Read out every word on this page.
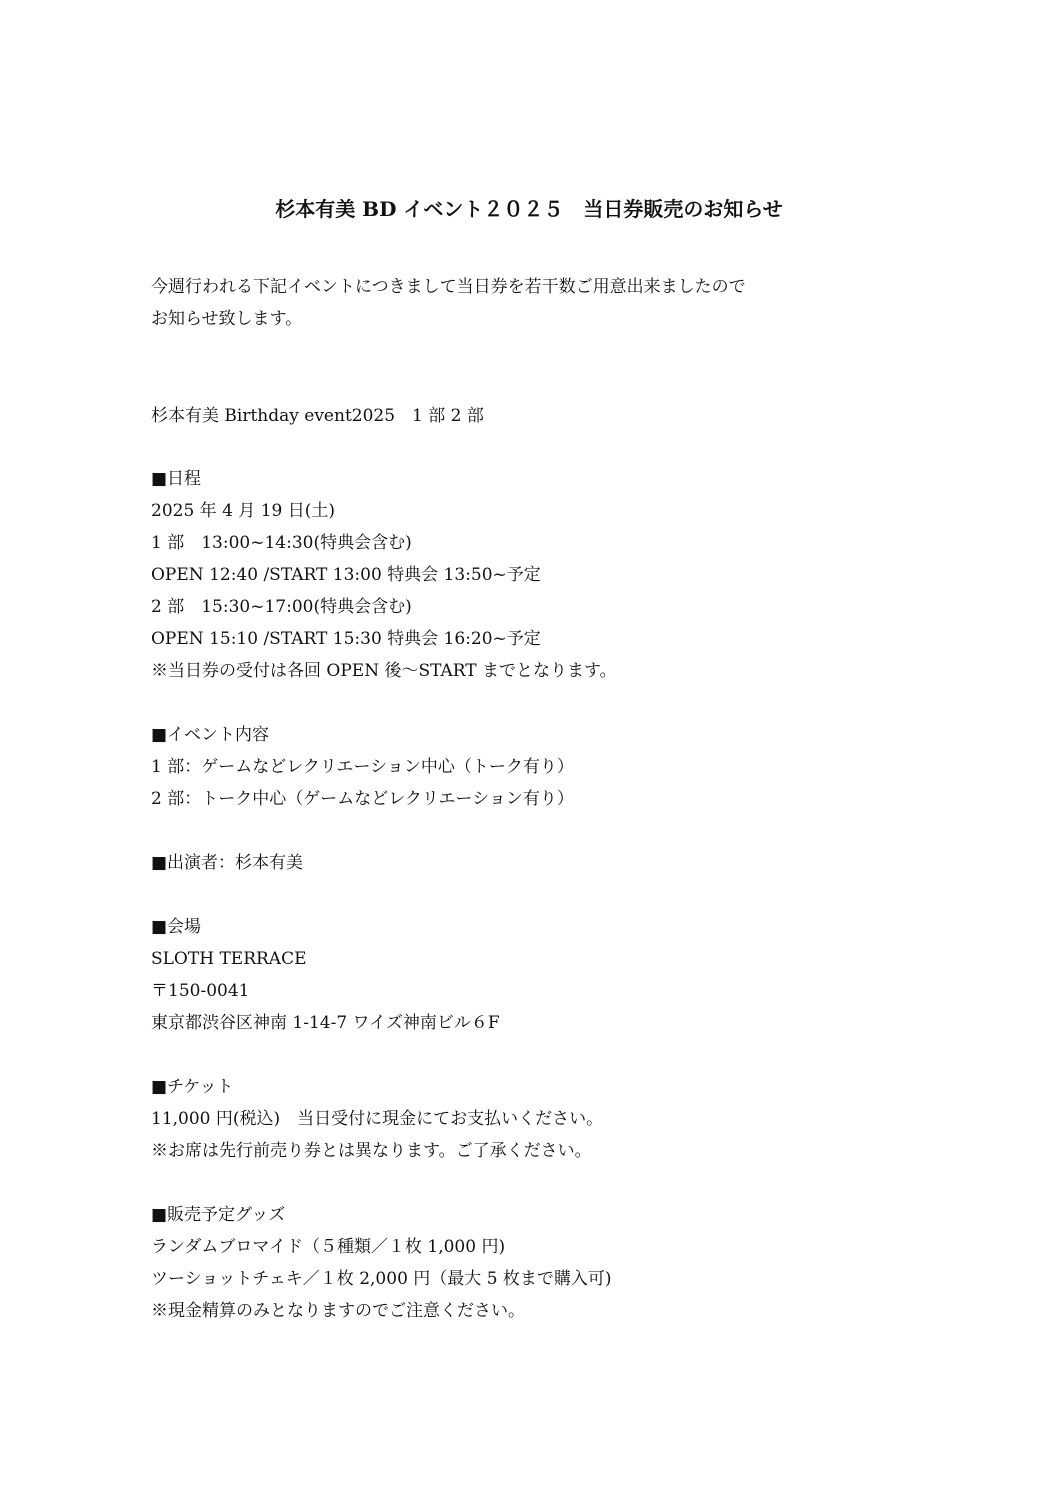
杉本有美 BD イベント２０２５　当日券販売のお知らせ
今週行われる下記イベントにつきまして当日券を若干数ご用意出来ましたので
お知らせ致します。
杉本有美 Birthday event2025　1 部 2 部
■日程
2025 年 4 月 19 日(土)
1 部　13:00~14:30(特典会含む)
OPEN 12:40 /START 13:00 特典会 13:50~予定
2 部　15:30~17:00(特典会含む)
OPEN 15:10 /START 15:30 特典会 16:20~予定
※当日券の受付は各回 OPEN 後〜START までとなります。
■イベント内容
1 部：ゲームなどレクリエーション中心（トーク有り）
2 部：トーク中心（ゲームなどレクリエーション有り）
■出演者：杉本有美
■会場
SLOTH TERRACE
〒150-0041
東京都渋谷区神南 1-14-7 ワイズ神南ビル６F
■チケット
11,000 円(税込)　当日受付に現金にてお支払いください。
※お席は先行前売り券とは異なります。ご了承ください。
■販売予定グッズ
ランダムブロマイド（５種類／１枚 1,000 円)
ツーショットチェキ／１枚 2,000 円（最大 5 枚まで購入可)
※現金精算のみとなりますのでご注意ください。
